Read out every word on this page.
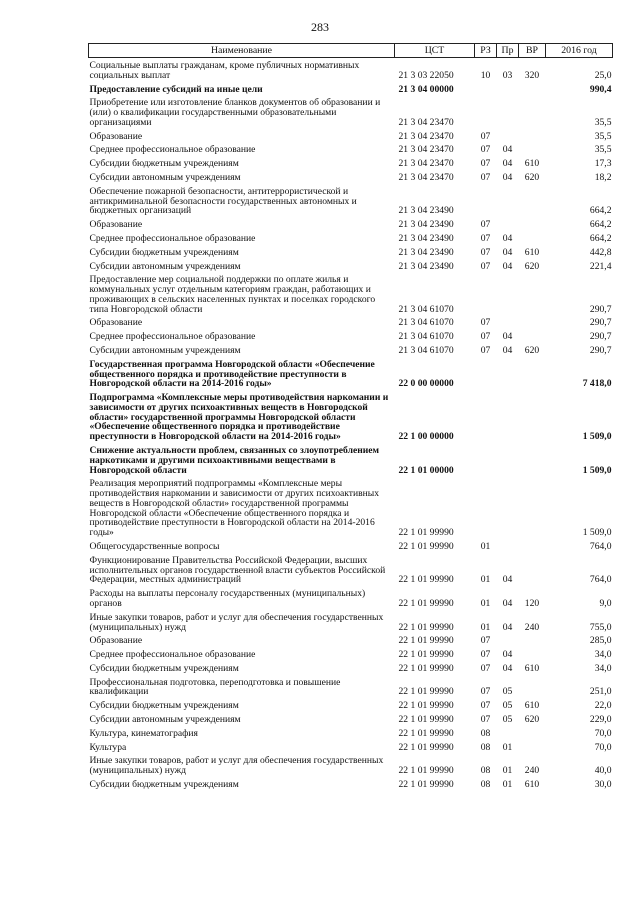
283
Наименование	ЦСТ	РЗ	Пр	ВР	2016 год
Социальные выплаты гражданам, кроме публичных нормативных социальных выплат	21 3 03 22050	10	03	320	25,0
Предоставление субсидий на иные цели	21 3 04 00000				990,4
Приобретение или изготовление бланков документов об образовании и (или) о квалификации государственными образовательными организациями	21 3 04 23470				35,5
Образование	21 3 04 23470	07			35,5
Среднее профессиональное образование	21 3 04 23470	07	04		35,5
Субсидии бюджетным учреждениям	21 3 04 23470	07	04	610	17,3
Субсидии автономным учреждениям	21 3 04 23470	07	04	620	18,2
Обеспечение пожарной безопасности, антитеррористической и антикриминальной безопасности государственных автономных и бюджетных организаций	21 3 04 23490				664,2
Образование	21 3 04 23490	07			664,2
Среднее профессиональное образование	21 3 04 23490	07	04		664,2
Субсидии бюджетным учреждениям	21 3 04 23490	07	04	610	442,8
Субсидии автономным учреждениям	21 3 04 23490	07	04	620	221,4
Предоставление мер социальной поддержки по оплате жилья и коммунальных услуг отдельным категориям граждан, работающих и проживающих в сельских населенных пунктах и поселках городского типа Новгородской области	21 3 04 61070				290,7
Образование	21 3 04 61070	07			290,7
Среднее профессиональное образование	21 3 04 61070	07	04		290,7
Субсидии автономным учреждениям	21 3 04 61070	07	04	620	290,7
Государственная программа Новгородской области «Обеспечение общественного порядка и противодействие преступности в Новгородской области на 2014-2016 годы»	22 0 00 00000				7 418,0
Подпрограмма «Комплексные меры противодействия наркомании и зависимости от других психоактивных веществ в Новгородской области» государственной программы Новгородской области «Обеспечение общественного порядка и противодействие преступности в Новгородской области на 2014-2016 годы»	22 1 00 00000				1 509,0
Снижение актуальности проблем, связанных со злоупотреблением наркотиками и другими психоактивными веществами в Новгородской области	22 1 01 00000				1 509,0
Реализация мероприятий подпрограммы «Комплексные меры противодействия наркомании и зависимости от других психоактивных веществ в Новгородской области» государственной программы Новгородской области «Обеспечение общественного порядка и противодействие преступности в Новгородской области на 2014-2016 годы»	22 1 01 99990				1 509,0
Общегосударственные вопросы	22 1 01 99990	01			764,0
Функционирование Правительства Российской Федерации, высших исполнительных органов государственной власти субъектов Российской Федерации, местных администраций	22 1 01 99990	01	04		764,0
Расходы на выплаты персоналу государственных (муниципальных) органов	22 1 01 99990	01	04	120	9,0
Иные закупки товаров, работ и услуг для обеспечения государственных (муниципальных) нужд	22 1 01 99990	01	04	240	755,0
Образование	22 1 01 99990	07			285,0
Среднее профессиональное образование	22 1 01 99990	07	04		34,0
Субсидии бюджетным учреждениям	22 1 01 99990	07	04	610	34,0
Профессиональная подготовка, переподготовка и повышение квалификации	22 1 01 99990	07	05		251,0
Субсидии бюджетным учреждениям	22 1 01 99990	07	05	610	22,0
Субсидии автономным учреждениям	22 1 01 99990	07	05	620	229,0
Культура, кинематография	22 1 01 99990	08			70,0
Культура	22 1 01 99990	08	01		70,0
Иные закупки товаров, работ и услуг для обеспечения государственных (муниципальных) нужд	22 1 01 99990	08	01	240	40,0
Субсидии бюджетным учреждениям	22 1 01 99990	08	01	610	30,0
